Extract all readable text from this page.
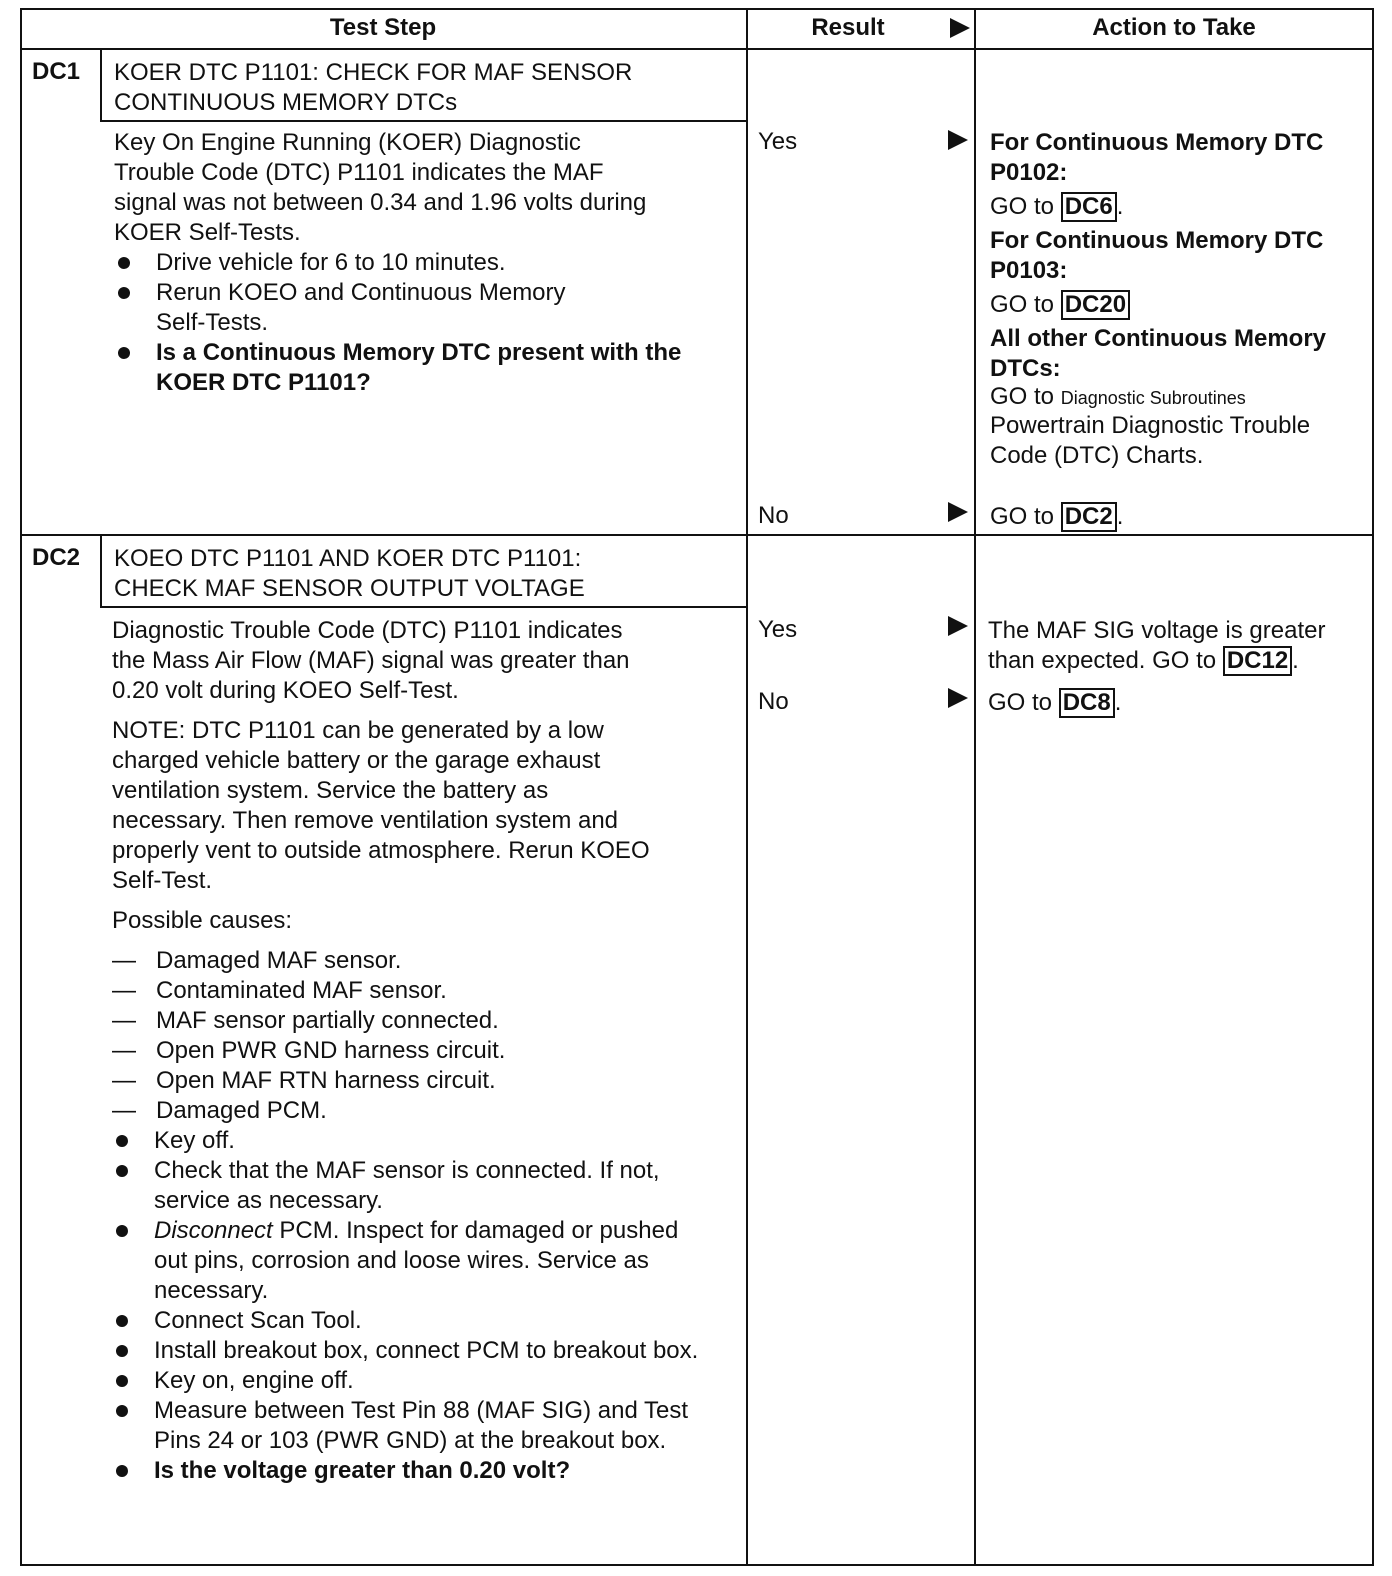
Test Step	Result	Action to Take
DC1 KOER DTC P1101: CHECK FOR MAF SENSOR
CONTINUOUS MEMORY DTCs
Key On Engine Running (KOER) Diagnostic
Trouble Code (DTC) P1101 indicates the MAF
signal was not between 0.34 and 1.96 volts during
KOER Self-Tests.
Drive vehicle for 6 to 10 minutes.
Rerun KOEO and Continuous Memory Self-Tests.
Is a Continuous Memory DTC present with the KOER DTC P1101?
Yes
No

For Continuous Memory DTC P0102:

GO to DC6 .

For Continuous Memory DTC P0103:

GO to DC20

All other Continuous Memory DTCs:

GO to Diagnostic Subroutines

Powertrain Diagnostic Trouble Code (DTC) Charts.

GO to DC2 .

DC2 KOEO DTC P1101 AND KOER DTC P1101:
CHECK MAF SENSOR OUTPUT VOLTAGE
Diagnostic Trouble Code (DTC) P1101 indicates
the Mass Air Flow (MAF) signal was greater than
0.20 volt during KOEO Self-Test.
NOTE: DTC P1101 can be generated by a low
charged vehicle battery or the garage exhaust
ventilation system. Service the battery as
necessary. Then remove ventilation system and
properly vent to outside atmosphere. Rerun KOEO
Self-Test.
Possible causes:
— Damaged MAF sensor.
— Contaminated MAF sensor.
— MAF sensor partially connected.
— Open PWR GND harness circuit.
— Open MAF RTN harness circuit.
— Damaged PCM.
Key off.
Check that the MAF sensor is connected. If not, service as necessary.
Disconnect PCM. Inspect for damaged or pushed out pins, corrosion and loose wires. Service as necessary.
Connect Scan Tool.
Install breakout box, connect PCM to breakout box.
Key on, engine off.
Measure between Test Pin 88 (MAF SIG) and Test Pins 24 or 103 (PWR GND) at the breakout box.
Is the voltage greater than 0.20 volt?
Yes
No

The MAF SIG voltage is greater than expected. GO to DC12 .

GO to DC8 .
